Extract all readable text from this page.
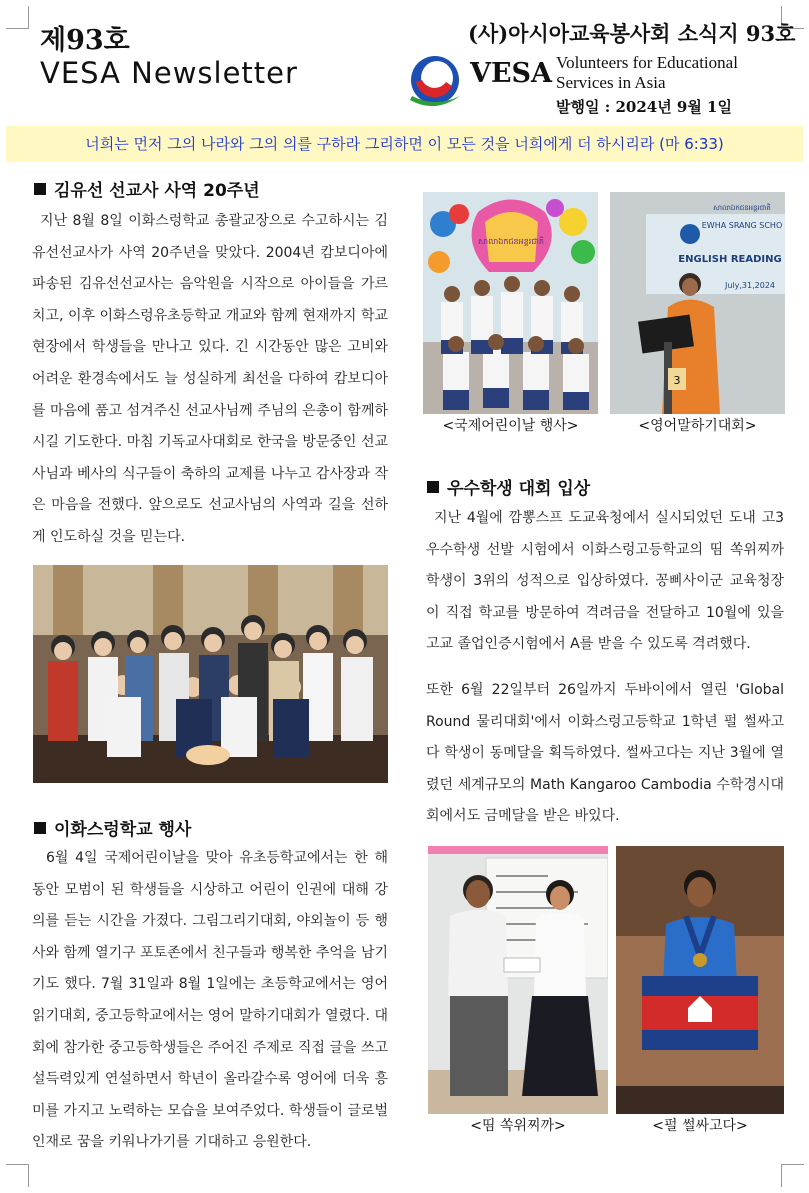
제93호
VESA Newsletter
(사)아시아교육봉사회 소식지 93호
VESA Volunteers for Educational Services in Asia
발행일 : 2024년 9월 1일
너희는 먼저 그의 나라와 그의 의를 구하라 그리하면 이 모든 것을 너희에게 더 하시리라 (마 6:33)
김유선 선교사 사역 20주년

지난 8월 8일 이화스렁학교 총괄교장으로 수고하시는 김유선선교사가 사역 20주년을 맞았다. 2004년 캄보디아에 파송된 김유선선교사는 음악원을 시작으로 아이들을 가르치고, 이후 이화스렁유초등학교 개교와 함께 현재까지 학교현장에서 학생들을 만나고 있다. 긴 시간동안 많은 고비와 어려운 환경속에서도 늘 성실하게 최선을 다하여 캄보디아를 마음에 품고 섬겨주신 선교사님께 주님의 은총이 함께하시길 기도한다. 마침 기독교사대회로 한국을 방문중인 선교사님과 베사의 식구들이 축하의 교제를 나누고 감사장과 작은 마음을 전했다. 앞으로도 선교사님의 사역과 길을 선하게 인도하실 것을 믿는다.

이화스렁학교 행사

6월 4일 국제어린이날을 맞아 유초등학교에서는 한 해동안 모범이 된 학생들을 시상하고 어린이 인권에 대해 강의를 듣는 시간을 가졌다. 그림그리기대회, 야외놀이 등 행사와 함께 열기구 포토존에서 친구들과 행복한 추억을 남기기도 했다. 7월 31일과 8월 1일에는 초등학교에서는 영어 읽기대회, 중고등학교에서는 영어 말하기대회가 열렸다. 대회에 참가한 중고등학생들은 주어진 주제로 직접 글을 쓰고 설득력있게 연설하면서 학년이 올라갈수록 영어에 더욱 흥미를 가지고 노력하는 모습을 보여주었다. 학생들이 글로벌 인재로 꿈을 키워나가기를 기대하고 응원한다.

សាលាឯកជនអន្តរជាតិ
<국제어린이날 행사>
សាលាឯកជនអន្តរជាតិ
EWHA SRANG SCHO
ENGLISH READING
July,31,2024
3
<영어말하기대회>
우수학생 대회 입상

지난 4월에 깜뽕스프 도교육청에서 실시되었던 도내 고3 우수학생 선발 시험에서 이화스렁고등학교의 띰 쏙위찌까 학생이 3위의 성적으로 입상하였다. 꽁삐사이군 교육청장이 직접 학교를 방문하여 격려금을 전달하고 10월에 있을 고교 졸업인증시험에서 A를 받을 수 있도록 격려했다.

또한 6월 22일부터 26일까지 두바이에서 열린 'Global Round 물리대회'에서 이화스렁고등학교 1학년 펄 썰싸고다 학생이 동메달을 획득하였다. 썰싸고다는 지난 3월에 열렸던 세계규모의 Math Kangaroo Cambodia 수학경시대회에서도 금메달을 받은 바있다.

<띰 쏙위찌까>	<펄 썰싸고다>
